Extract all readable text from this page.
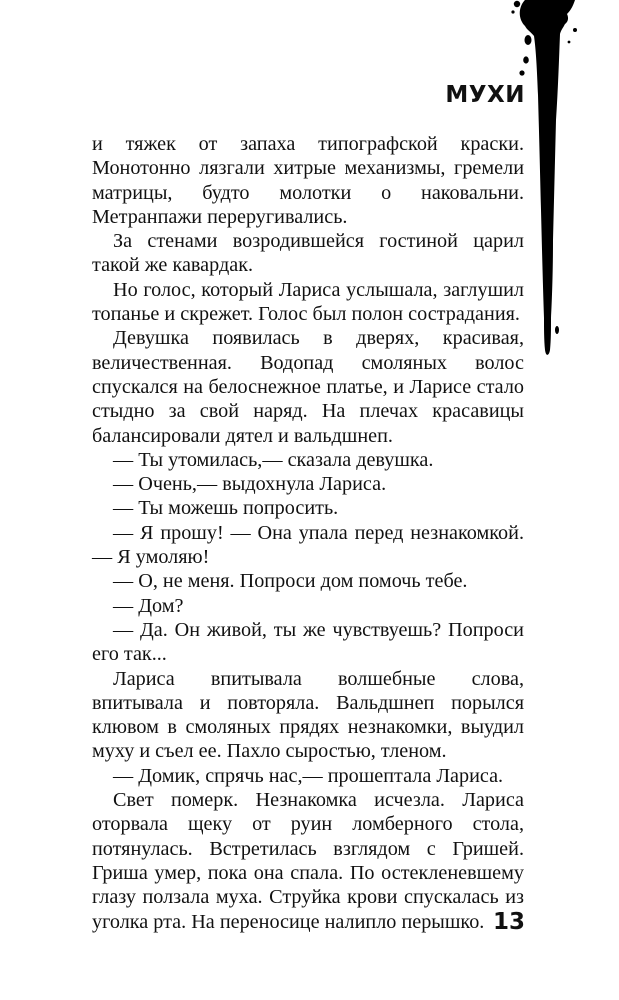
МУХИ

и тяжек от запаха типографской краски. Монотонно лязгали хитрые механизмы, гремели матрицы, будто молотки о наковальни. Метранпажи переругивались.

За стенами возродившейся гостиной царил такой же кавардак.

Но голос, который Лариса услышала, заглушил топанье и скрежет. Голос был полон сострадания.

Девушка появилась в дверях, красивая, величественная. Водопад смоляных волос спускался на белоснежное платье, и Ларисе стало стыдно за свой наряд. На плечах красавицы балансировали дятел и вальдшнеп.

— Ты утомилась,— сказала девушка.

— Очень,— выдохнула Лариса.

— Ты можешь попросить.

— Я прошу! — Она упала перед незнакомкой.— Я умоляю!

— О, не меня. Попроси дом помочь тебе.

— Дом?

— Да. Он живой, ты же чувствуешь? Попроси его так...

Лариса впитывала волшебные слова, впитывала и повторяла. Вальдшнеп порылся клювом в смоляных прядях незнакомки, выудил муху и съел ее. Пахло сыростью, тленом.

— Домик, спрячь нас,— прошептала Лариса.

Свет померк. Незнакомка исчезла. Лариса оторвала щеку от руин ломберного стола, потянулась. Встретилась взглядом с Гришей. Гриша умер, пока она спала. По остекленевшему глазу ползала муха. Струйка крови спускалась из уголка рта. На переносице налипло перышко. 13
